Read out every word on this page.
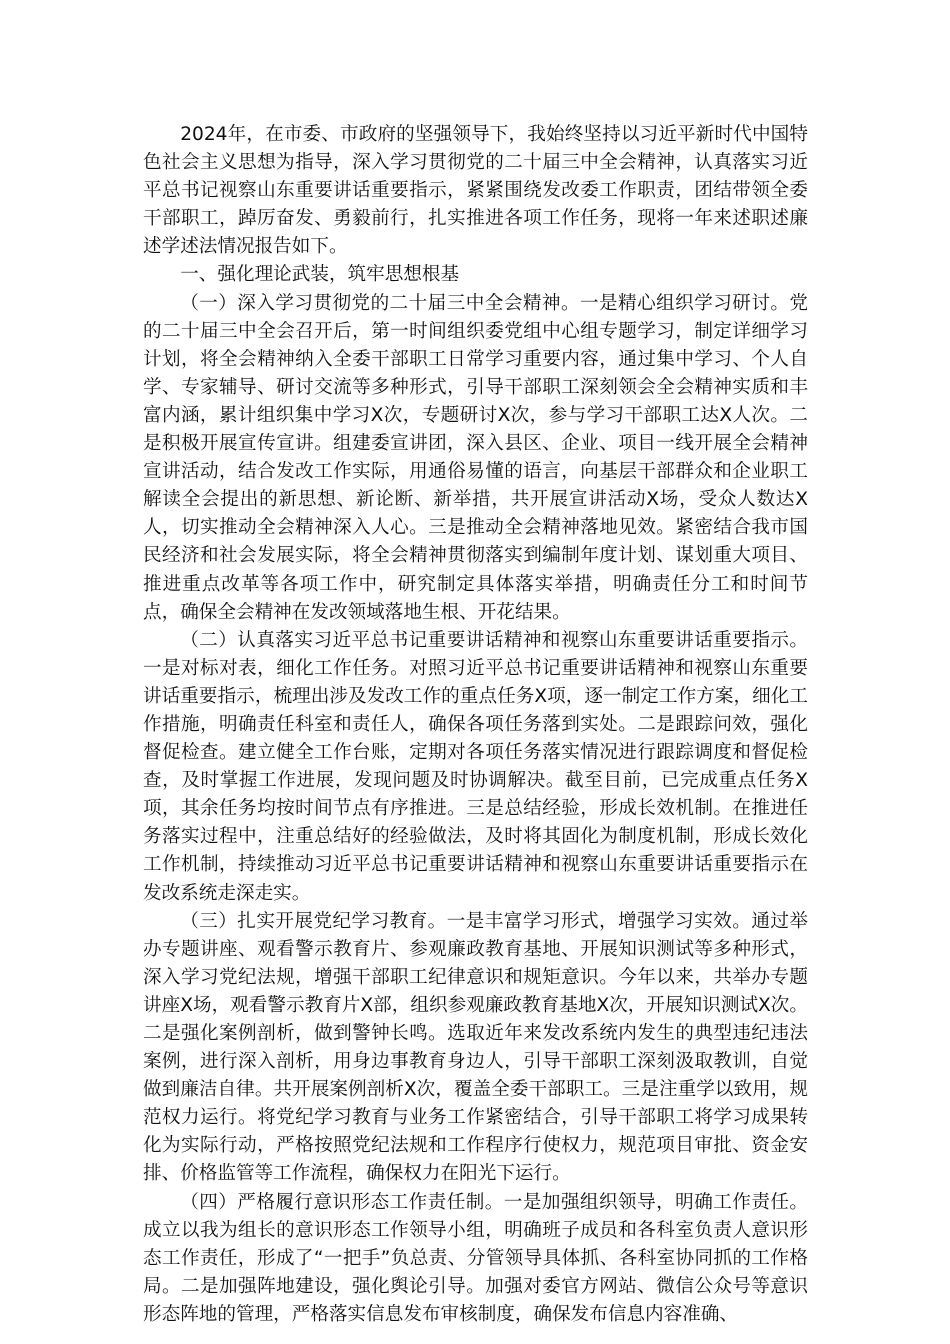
2024年，在市委、市政府的坚强领导下，我始终坚持以习近平新时代中国特色社会主义思想为指导，深入学习贯彻党的二十届三中全会精神，认真落实习近平总书记视察山东重要讲话重要指示，紧紧围绕发改委工作职责，团结带领全委干部职工，踔厉奋发、勇毅前行，扎实推进各项工作任务，现将一年来述职述廉述学述法情况报告如下。

一、强化理论武装，筑牢思想根基

（一）深入学习贯彻党的二十届三中全会精神。一是精心组织学习研讨。党的二十届三中全会召开后，第一时间组织委党组中心组专题学习，制定详细学习计划，将全会精神纳入全委干部职工日常学习重要内容，通过集中学习、个人自学、专家辅导、研讨交流等多种形式，引导干部职工深刻领会全会精神实质和丰富内涵，累计组织集中学习X次，专题研讨X次，参与学习干部职工达X人次。二是积极开展宣传宣讲。组建委宣讲团，深入县区、企业、项目一线开展全会精神宣讲活动，结合发改工作实际，用通俗易懂的语言，向基层干部群众和企业职工解读全会提出的新思想、新论断、新举措，共开展宣讲活动X场，受众人数达X人，切实推动全会精神深入人心。三是推动全会精神落地见效。紧密结合我市国民经济和社会发展实际，将全会精神贯彻落实到编制年度计划、谋划重大项目、推进重点改革等各项工作中，研究制定具体落实举措，明确责任分工和时间节点，确保全会精神在发改领域落地生根、开花结果。

（二）认真落实习近平总书记重要讲话精神和视察山东重要讲话重要指示。一是对标对表，细化工作任务。对照习近平总书记重要讲话精神和视察山东重要讲话重要指示，梳理出涉及发改工作的重点任务X项，逐一制定工作方案，细化工作措施，明确责任科室和责任人，确保各项任务落到实处。二是跟踪问效，强化督促检查。建立健全工作台账，定期对各项任务落实情况进行跟踪调度和督促检查，及时掌握工作进展，发现问题及时协调解决。截至目前，已完成重点任务X项，其余任务均按时间节点有序推进。三是总结经验，形成长效机制。在推进任务落实过程中，注重总结好的经验做法，及时将其固化为制度机制，形成长效化工作机制，持续推动习近平总书记重要讲话精神和视察山东重要讲话重要指示在发改系统走深走实。

（三）扎实开展党纪学习教育。一是丰富学习形式，增强学习实效。通过举办专题讲座、观看警示教育片、参观廉政教育基地、开展知识测试等多种形式，深入学习党纪法规，增强干部职工纪律意识和规矩意识。今年以来，共举办专题讲座X场，观看警示教育片X部，组织参观廉政教育基地X次，开展知识测试X次。二是强化案例剖析，做到警钟长鸣。选取近年来发改系统内发生的典型违纪违法案例，进行深入剖析，用身边事教育身边人，引导干部职工深刻汲取教训，自觉做到廉洁自律。共开展案例剖析X次，覆盖全委干部职工。三是注重学以致用，规范权力运行。将党纪学习教育与业务工作紧密结合，引导干部职工将学习成果转化为实际行动，严格按照党纪法规和工作程序行使权力，规范项目审批、资金安排、价格监管等工作流程，确保权力在阳光下运行。

（四）严格履行意识形态工作责任制。一是加强组织领导，明确工作责任。成立以我为组长的意识形态工作领导小组，明确班子成员和各科室负责人意识形态工作责任，形成了“一把手”负总责、分管领导具体抓、各科室协同抓的工作格局。二是加强阵地建设，强化舆论引导。加强对委官方网站、微信公众号等意识形态阵地的管理，严格落实信息发布审核制度，确保发布信息内容准确、
